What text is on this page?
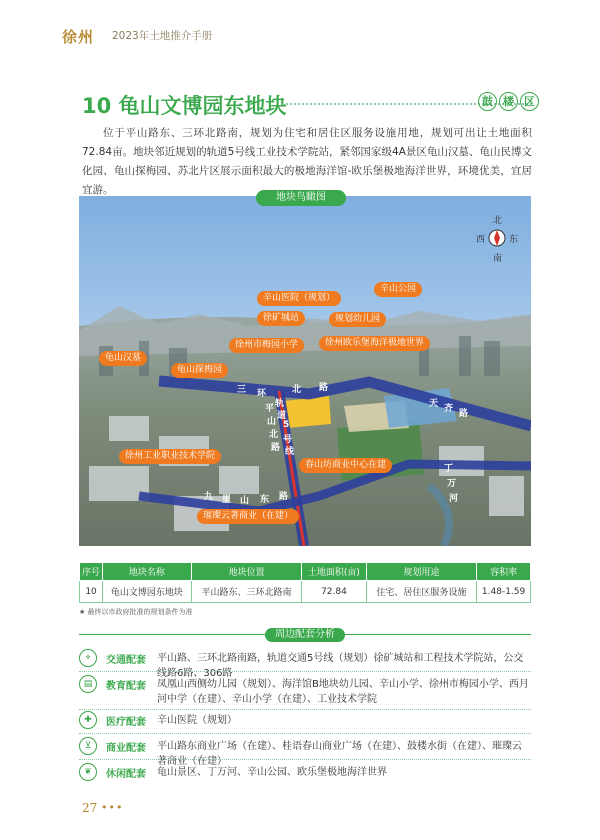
徐州 2023年土地推介手册
10 龟山文博园东地块	鼓 楼 区
位于平山路东、三环北路南，规划为住宅和居住区服务设施用地，规划可出让土地面积72.84亩。地块邻近规划的轨道5号线工业技术学院站，紧邻国家级4A景区龟山汉墓、龟山民博文化园、龟山探梅园、苏北片区展示面积最大的极地海洋馆-欧乐堡极地海洋世界，环境优美，宜居宜游。
北
南
东
西
辛山医院（规划）
徐矿城站
辛山公园
规划幼儿园
徐州市梅园小学	徐州欧乐堡海洋极地世界
龟山汉墓
龟山探梅园
徐州工业职业技术学院
春山坊商业中心在建
璀璨云著商业（在建）
三 环	北 路
天 齐 路
九 里 山 东 路
丁
万
河
轨
道
5
号
线
平
山
北
路
地块鸟瞰图
序号	地块名称	地块位置	土地面积(亩)	规划用途	容积率
10	龟山文博园东地块	平山路东、三环北路南	72.84	住宅、居住区服务设施	1.48-1.59
★ 最终以市政府批准的规划条件为准
周边配套分析
⌖	交通配套 平山路、三环北路南路，轨道交通5号线（规划）徐矿城站和工程技术学院站，公交线路6路、306路
▤	教育配套 凤凰山西侧幼儿园（规划）、海洋馆B地块幼儿园、辛山小学、徐州市梅园小学、西月河中学（在建）、辛山小学（在建）、工业技术学院
✚	医疗配套 辛山医院（规划）
⊻	商业配套 平山路东商业广场（在建）、桂语春山商业广场（在建）、鼓楼水街（在建）、璀璨云著商业（在建）
❦	休闲配套 龟山景区、丁万河、辛山公园、欧乐堡极地海洋世界
27 •••
